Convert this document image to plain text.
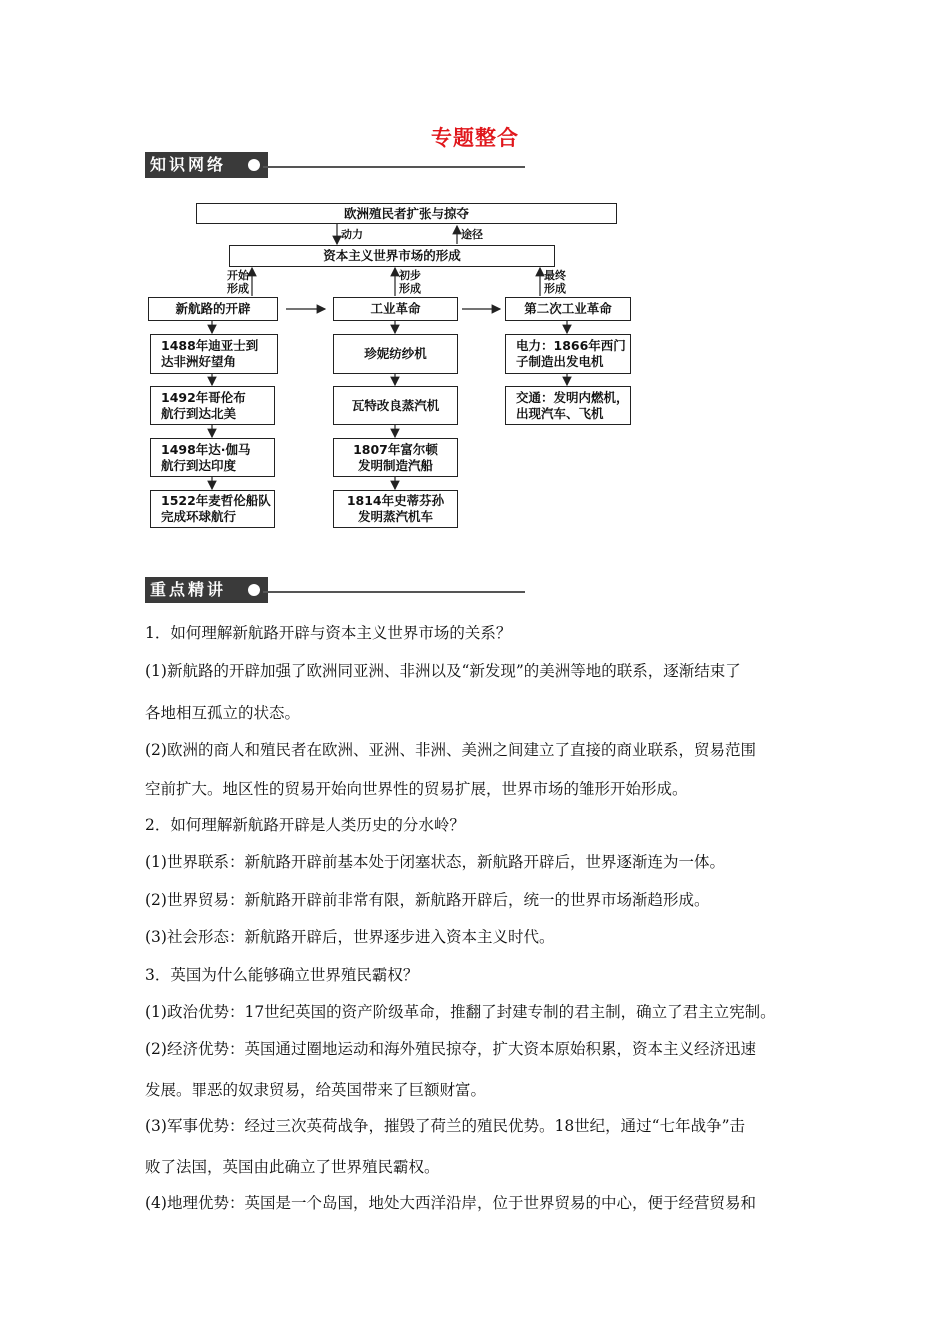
专题整合
知识网络
欧洲殖民者扩张与掠夺
动力	途径
资本主义世界市场的形成
开始
形成
初步
形成
最终
形成
新航路的开辟	工业革命	第二次工业革命
1488年迪亚士到
达非洲好望角
1492年哥伦布
航行到达北美
1498年达·伽马
航行到达印度
1522年麦哲伦船队
完成环球航行
珍妮纺纱机
瓦特改良蒸汽机
1807年富尔顿
发明制造汽船
1814年史蒂芬孙
发明蒸汽机车
电力：1866年西门
子制造出发电机
交通：发明内燃机，
出现汽车、飞机
重点精讲
1．如何理解新航路开辟与资本主义世界市场的关系？
(1)新航路的开辟加强了欧洲同亚洲、非洲以及“新发现”的美洲等地的联系，逐渐结束了
各地相互孤立的状态。
(2)欧洲的商人和殖民者在欧洲、亚洲、非洲、美洲之间建立了直接的商业联系，贸易范围
空前扩大。地区性的贸易开始向世界性的贸易扩展，世界市场的雏形开始形成。
2．如何理解新航路开辟是人类历史的分水岭？
(1)世界联系：新航路开辟前基本处于闭塞状态，新航路开辟后，世界逐渐连为一体。
(2)世界贸易：新航路开辟前非常有限，新航路开辟后，统一的世界市场渐趋形成。
(3)社会形态：新航路开辟后，世界逐步进入资本主义时代。
3．英国为什么能够确立世界殖民霸权？
(1)政治优势：17世纪英国的资产阶级革命，推翻了封建专制的君主制，确立了君主立宪制。
(2)经济优势：英国通过圈地运动和海外殖民掠夺，扩大资本原始积累，资本主义经济迅速
发展。罪恶的奴隶贸易，给英国带来了巨额财富。
(3)军事优势：经过三次英荷战争，摧毁了荷兰的殖民优势。18世纪，通过“七年战争”击
败了法国，英国由此确立了世界殖民霸权。
(4)地理优势：英国是一个岛国，地处大西洋沿岸，位于世界贸易的中心，便于经营贸易和
